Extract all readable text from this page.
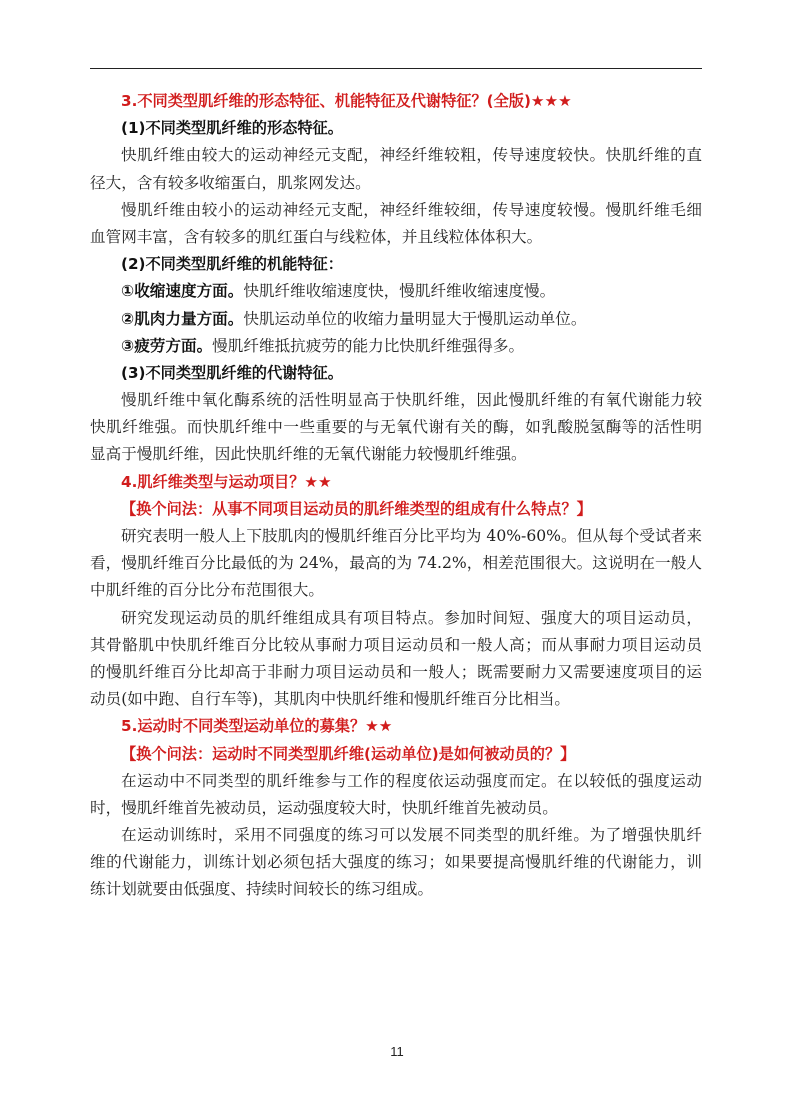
3.不同类型肌纤维的形态特征、机能特征及代谢特征？(全版)★★★
(1)不同类型肌纤维的形态特征。
快肌纤维由较大的运动神经元支配，神经纤维较粗，传导速度较快。快肌纤维的直
径大，含有较多收缩蛋白，肌浆网发达。
慢肌纤维由较小的运动神经元支配，神经纤维较细，传导速度较慢。慢肌纤维毛细
血管网丰富，含有较多的肌红蛋白与线粒体，并且线粒体体积大。
(2)不同类型肌纤维的机能特征：
①收缩速度方面。快肌纤维收缩速度快，慢肌纤维收缩速度慢。
②肌肉力量方面。快肌运动单位的收缩力量明显大于慢肌运动单位。
③疲劳方面。慢肌纤维抵抗疲劳的能力比快肌纤维强得多。
(3)不同类型肌纤维的代谢特征。
慢肌纤维中氧化酶系统的活性明显高于快肌纤维，因此慢肌纤维的有氧代谢能力较
快肌纤维强。而快肌纤维中一些重要的与无氧代谢有关的酶，如乳酸脱氢酶等的活性明
显高于慢肌纤维，因此快肌纤维的无氧代谢能力较慢肌纤维强。
4.肌纤维类型与运动项目？★★
【换个问法：从事不同项目运动员的肌纤维类型的组成有什么特点？】
研究表明一般人上下肢肌肉的慢肌纤维百分比平均为 40%-60%。但从每个受试者来
看，慢肌纤维百分比最低的为 24%，最高的为 74.2%，相差范围很大。这说明在一般人
中肌纤维的百分比分布范围很大。
研究发现运动员的肌纤维组成具有项目特点。参加时间短、强度大的项目运动员，
其骨骼肌中快肌纤维百分比较从事耐力项目运动员和一般人高；而从事耐力项目运动员
的慢肌纤维百分比却高于非耐力项目运动员和一般人；既需要耐力又需要速度项目的运
动员(如中跑、自行车等)，其肌肉中快肌纤维和慢肌纤维百分比相当。
5.运动时不同类型运动单位的募集？★★
【换个问法：运动时不同类型肌纤维(运动单位)是如何被动员的？】
在运动中不同类型的肌纤维参与工作的程度依运动强度而定。在以较低的强度运动
时，慢肌纤维首先被动员，运动强度较大时，快肌纤维首先被动员。
在运动训练时，采用不同强度的练习可以发展不同类型的肌纤维。为了增强快肌纤
维的代谢能力，训练计划必须包括大强度的练习；如果要提高慢肌纤维的代谢能力，训
练计划就要由低强度、持续时间较长的练习组成。
11
